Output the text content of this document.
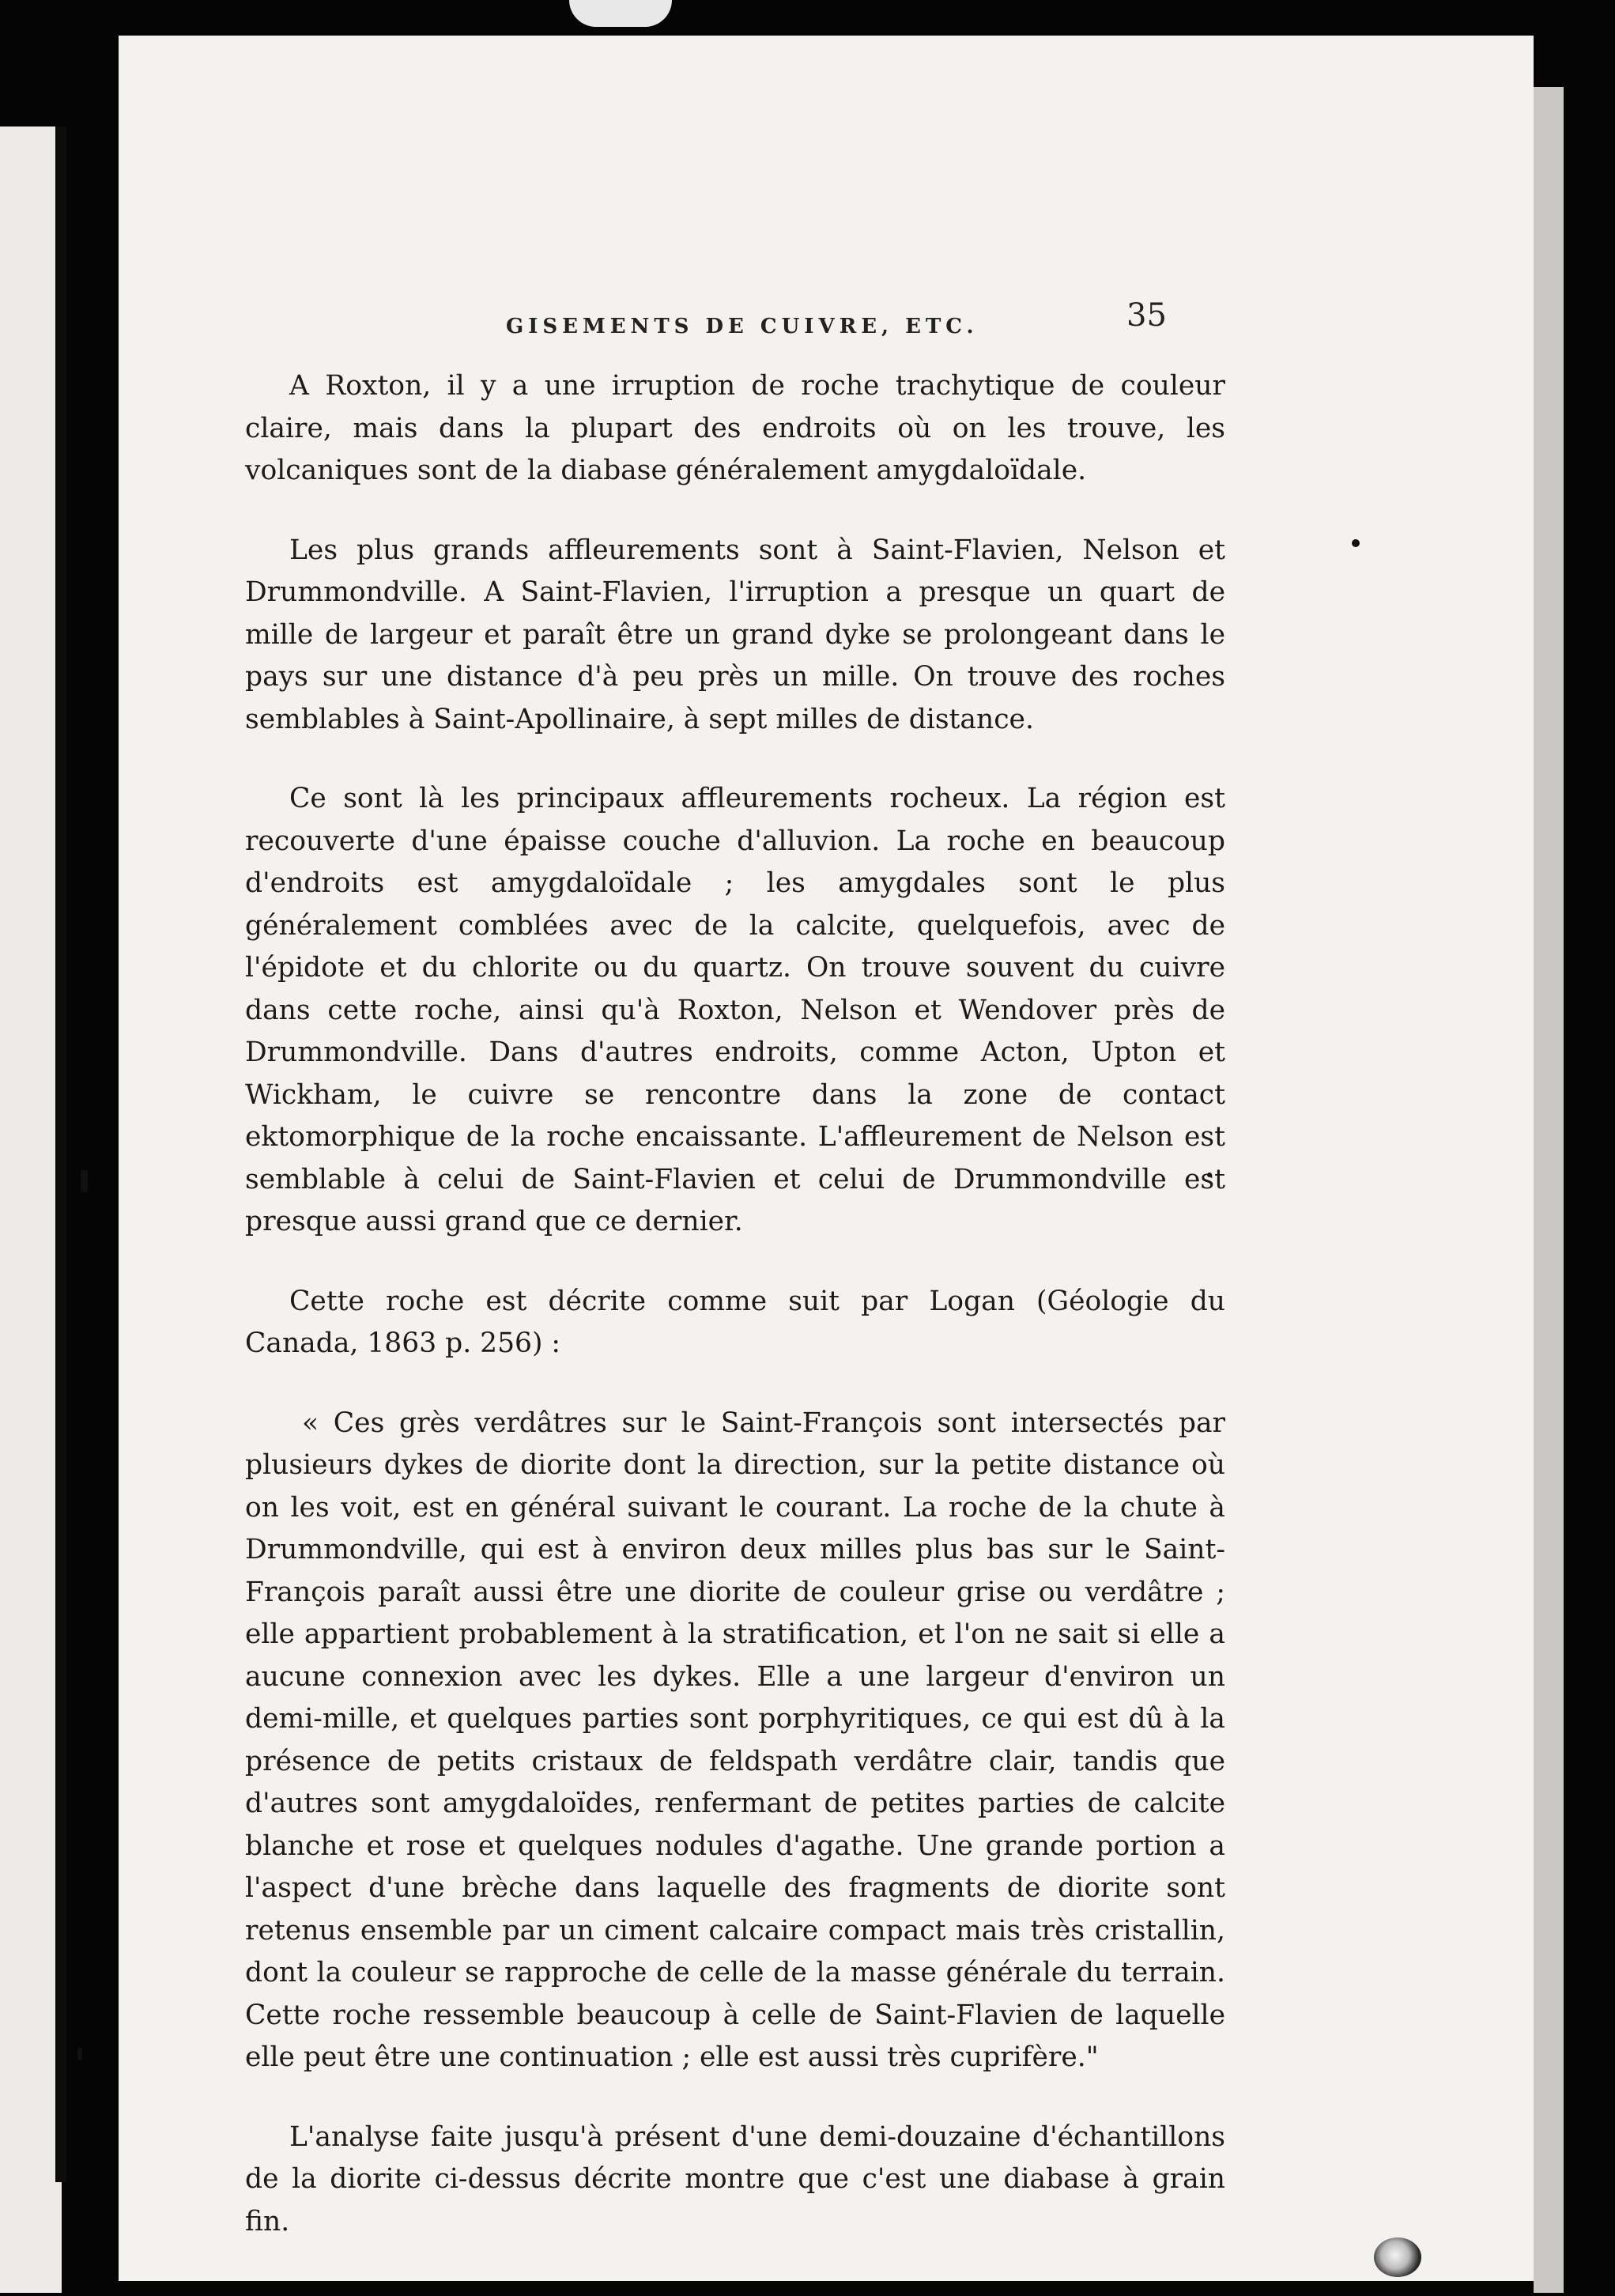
GISEMENTS DE CUIVRE, ETC.	35

A Roxton, il y a une irruption de roche trachytique de couleur claire, mais dans la plupart des endroits où on les trouve, les volcaniques sont de la diabase généralement amygdaloïdale.

Les plus grands affleurements sont à Saint-Flavien, Nelson et Drummondville. A Saint-Flavien, l'irruption a presque un quart de mille de largeur et paraît être un grand dyke se prolongeant dans le pays sur une distance d'à peu près un mille. On trouve des roches semblables à Saint-Apollinaire, à sept milles de distance.

Ce sont là les principaux affleurements rocheux. La région est recouverte d'une épaisse couche d'alluvion. La roche en beaucoup d'endroits est amygdaloïdale ; les amygdales sont le plus généralement comblées avec de la calcite, quelquefois, avec de l'épidote et du chlorite ou du quartz. On trouve souvent du cuivre dans cette roche, ainsi qu'à Roxton, Nelson et Wendover près de Drummondville. Dans d'autres endroits, comme Acton, Upton et Wickham, le cuivre se rencontre dans la zone de contact ektomorphique de la roche encaissante. L'affleurement de Nelson est semblable à celui de Saint-Flavien et celui de Drummondville est presque aussi grand que ce dernier.

Cette roche est décrite comme suit par Logan (Géologie du Canada, 1863 p. 256) :

« Ces grès verdâtres sur le Saint-François sont intersectés par plusieurs dykes de diorite dont la direction, sur la petite distance où on les voit, est en général suivant le courant. La roche de la chute à Drummondville, qui est à environ deux milles plus bas sur le Saint-François paraît aussi être une diorite de couleur grise ou verdâtre ; elle appartient probablement à la stratification, et l'on ne sait si elle a aucune connexion avec les dykes. Elle a une largeur d'environ un demi-mille, et quelques parties sont porphyritiques, ce qui est dû à la présence de petits cristaux de feldspath verdâtre clair, tandis que d'autres sont amygdaloïdes, renfermant de petites parties de calcite blanche et rose et quelques nodules d'agathe. Une grande portion a l'aspect d'une brèche dans laquelle des fragments de diorite sont retenus ensemble par un ciment calcaire compact mais très cristallin, dont la couleur se rapproche de celle de la masse générale du terrain. Cette roche ressemble beaucoup à celle de Saint-Flavien de laquelle elle peut être une continuation ; elle est aussi très cuprifère."

L'analyse faite jusqu'à présent d'une demi-douzaine d'échantillons de la diorite ci-dessus décrite montre que c'est une diabase à grain fin.
